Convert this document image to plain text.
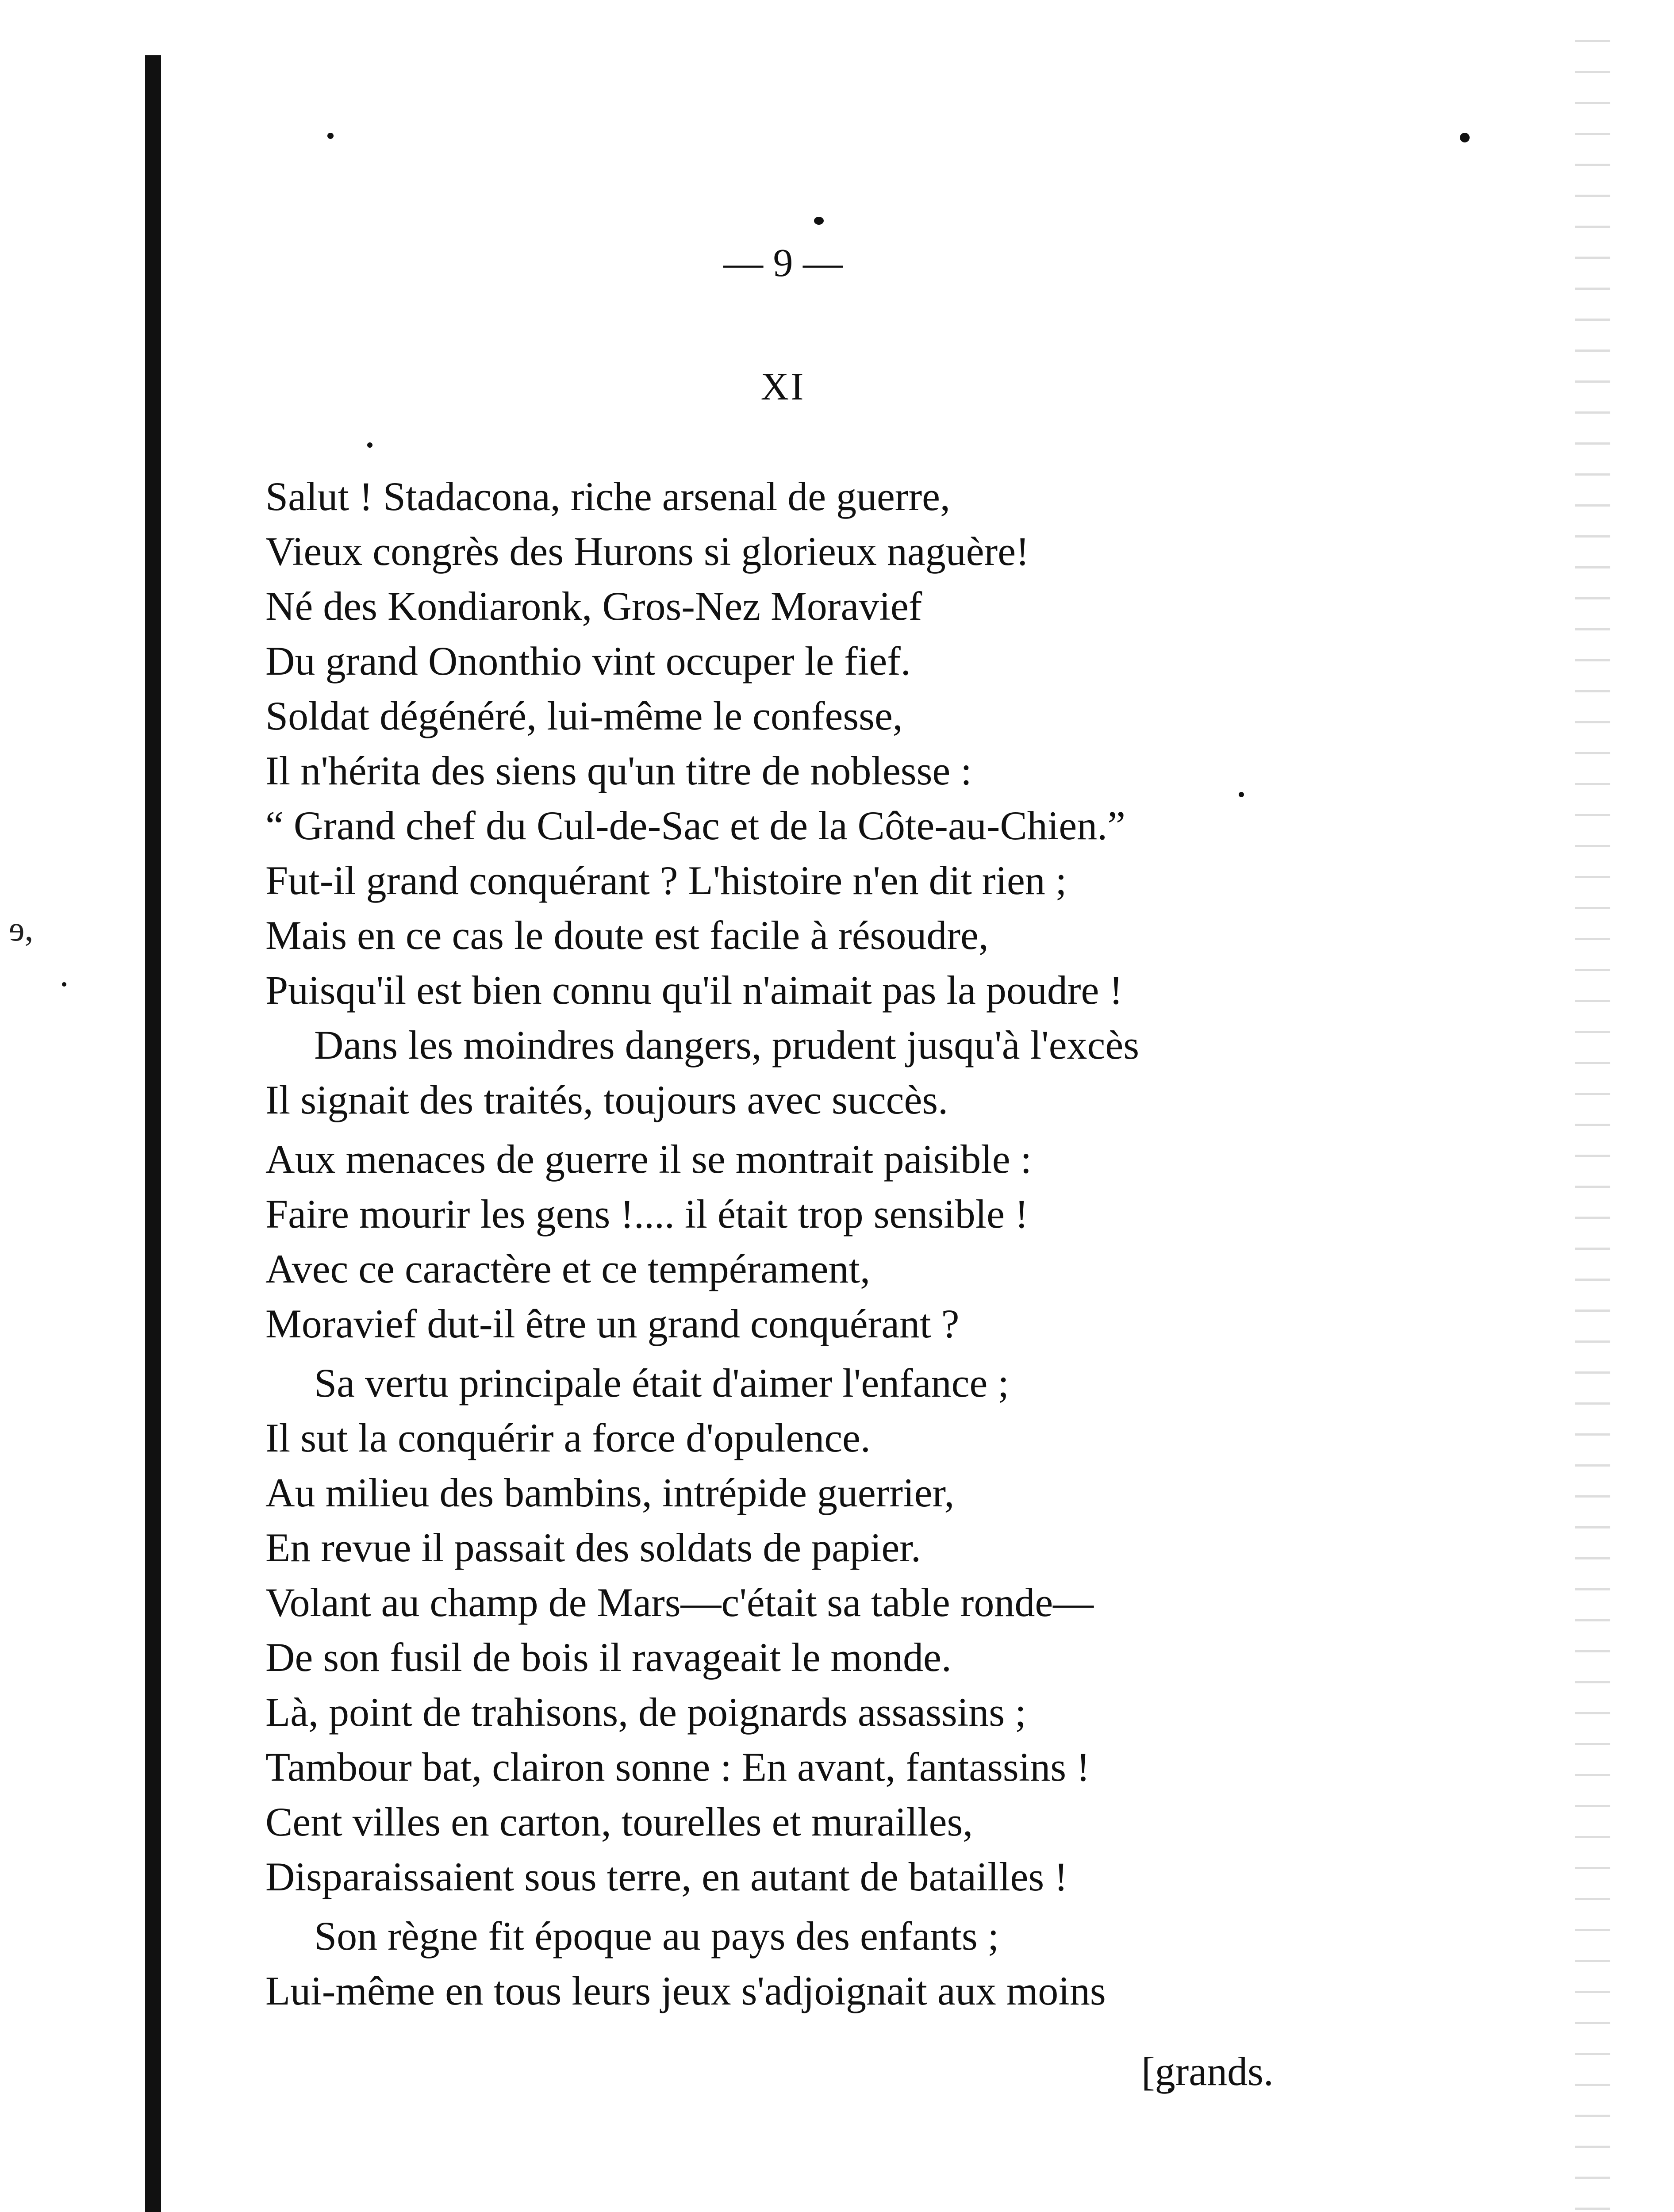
ɘ,
— 9 —
XI
Salut ! Stadacona, riche arsenal de guerre,
Vieux congrès des Hurons si glorieux naguère!
Né des Kondiaronk, Gros-Nez Moravief
Du grand Ononthio vint occuper le fief.
Soldat dégénéré, lui-même le confesse,
Il n'hérita des siens qu'un titre de noblesse :
“ Grand chef du Cul-de-Sac et de la Côte-au-Chien.”
Fut-il grand conquérant ? L'histoire n'en dit rien ;
Mais en ce cas le doute est facile à résoudre,
Puisqu'il est bien connu qu'il n'aimait pas la poudre !
Dans les moindres dangers, prudent jusqu'à l'excès
Il signait des traités, toujours avec succès.
Aux menaces de guerre il se montrait paisible :
Faire mourir les gens !.... il était trop sensible !
Avec ce caractère et ce tempérament,
Moravief dut-il être un grand conquérant ?
Sa vertu principale était d'aimer l'enfance ;
Il sut la conquérir a force d'opulence.
Au milieu des bambins, intrépide guerrier,
En revue il passait des soldats de papier.
Volant au champ de Mars—c'était sa table ronde—
De son fusil de bois il ravageait le monde.
Là, point de trahisons, de poignards assassins ;
Tambour bat, clairon sonne : En avant, fantassins !
Cent villes en carton, tourelles et murailles,
Disparaissaient sous terre, en autant de batailles !
Son règne fit époque au pays des enfants ;
Lui-même en tous leurs jeux s'adjoignait aux moins
[grands.
